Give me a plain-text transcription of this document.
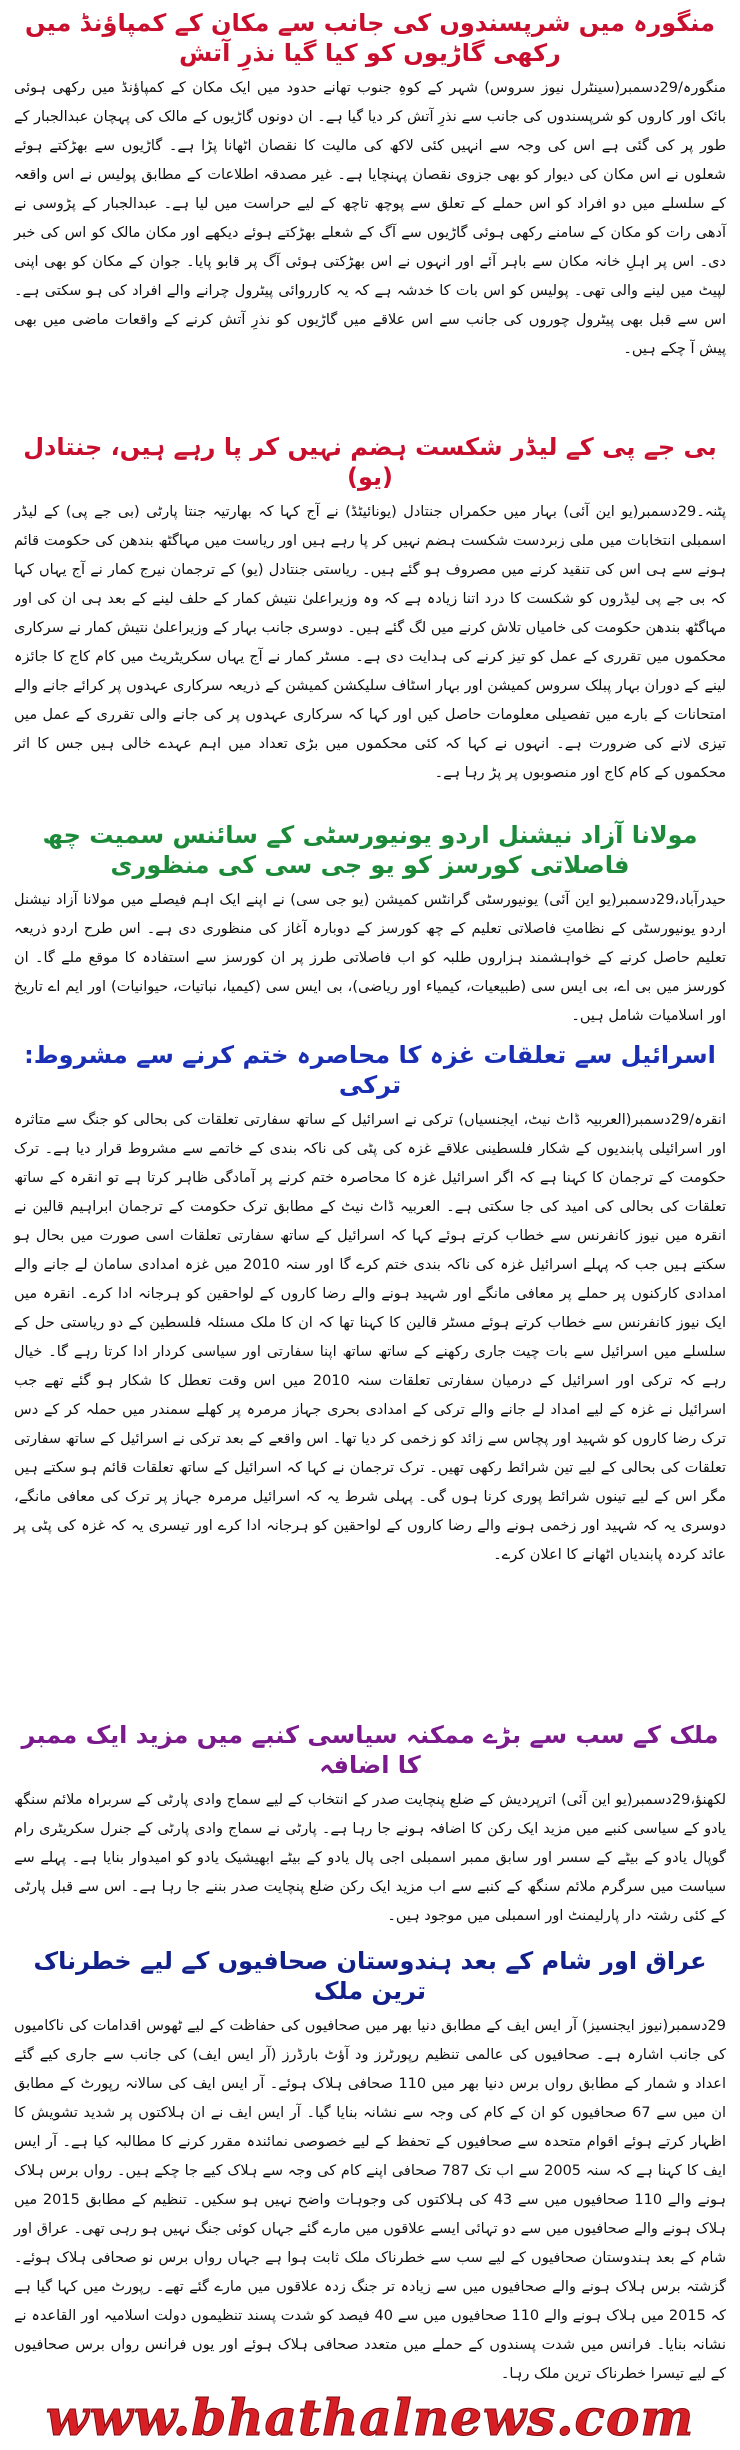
منگورہ میں شرپسندوں کی جانب سے مکان کے کمپاؤنڈ میں رکھی گاڑیوں کو کیا گیا نذرِ آتش
منگورہ/29دسمبر(سینٹرل نیوز سروس) شہر کے کوہِ جنوب تھانے حدود میں ایک مکان کے کمپاؤنڈ میں رکھی ہوئی بائک اور کاروں کو شرپسندوں کی جانب سے نذرِ آتش کر دیا گیا ہے۔ ان دونوں گاڑیوں کے مالک کی پہچان عبدالجبار کے طور پر کی گئی ہے اس کی وجہ سے انہیں کئی لاکھ کی مالیت کا نقصان اٹھانا پڑا ہے۔ گاڑیوں سے بھڑکتے ہوئے شعلوں نے اس مکان کی دیوار کو بھی جزوی نقصان پہنچایا ہے۔ غیر مصدقہ اطلاعات کے مطابق پولیس نے اس واقعہ کے سلسلے میں دو افراد کو اس حملے کے تعلق سے پوچھ تاچھ کے لیے حراست میں لیا ہے۔ عبدالجبار کے پڑوسی نے آدھی رات کو مکان کے سامنے رکھی ہوئی گاڑیوں سے آگ کے شعلے بھڑکتے ہوئے دیکھے اور مکان مالک کو اس کی خبر دی۔ اس پر اہلِ خانہ مکان سے باہر آئے اور انہوں نے اس بھڑکتی ہوئی آگ پر قابو پایا۔ جوان کے مکان کو بھی اپنی لپیٹ میں لینے والی تھی۔ پولیس کو اس بات کا خدشہ ہے کہ یہ کارروائی پیٹرول چرانے والے افراد کی ہو سکتی ہے۔ اس سے قبل بھی پیٹرول چوروں کی جانب سے اس علاقے میں گاڑیوں کو نذرِ آتش کرنے کے واقعات ماضی میں بھی پیش آ چکے ہیں۔
بی جے پی کے لیڈر شکست ہضم نہیں کر پا رہے ہیں، جنتادل (یو)
پٹنہ۔29دسمبر(یو این آئی) بہار میں حکمراں جنتادل (یونائیٹڈ) نے آج کہا کہ بھارتیہ جنتا پارٹی (بی جے پی) کے لیڈر اسمبلی انتخابات میں ملی زبردست شکست ہضم نہیں کر پا رہے ہیں اور ریاست میں مہاگٹھ بندھن کی حکومت قائم ہونے سے ہی اس کی تنقید کرنے میں مصروف ہو گئے ہیں۔ ریاستی جنتادل (یو) کے ترجمان نیرج کمار نے آج یہاں کہا کہ بی جے پی لیڈروں کو شکست کا درد اتنا زیادہ ہے کہ وہ وزیراعلیٰ نتیش کمار کے حلف لینے کے بعد ہی ان کی اور مہاگٹھ بندھن حکومت کی خامیاں تلاش کرنے میں لگ گئے ہیں۔ دوسری جانب بہار کے وزیراعلیٰ نتیش کمار نے سرکاری محکموں میں تقرری کے عمل کو تیز کرنے کی ہدایت دی ہے۔ مسٹر کمار نے آج یہاں سکریٹریٹ میں کام کاج کا جائزہ لینے کے دوران بہار پبلک سروس کمیشن اور بہار اسٹاف سلیکشن کمیشن کے ذریعہ سرکاری عہدوں پر کرائے جانے والے امتحانات کے بارے میں تفصیلی معلومات حاصل کیں اور کہا کہ سرکاری عہدوں پر کی جانے والی تقرری کے عمل میں تیزی لانے کی ضرورت ہے۔ انہوں نے کہا کہ کئی محکموں میں بڑی تعداد میں اہم عہدے خالی ہیں جس کا اثر محکموں کے کام کاج اور منصوبوں پر پڑ رہا ہے۔
مولانا آزاد نیشنل اردو یونیورسٹی کے سائنس سمیت چھ فاصلاتی کورسز کو یو جی سی کی منظوری
حیدرآباد،29دسمبر(یو این آئی) یونیورسٹی گرانٹس کمیشن (یو جی سی) نے اپنے ایک اہم فیصلے میں مولانا آزاد نیشنل اردو یونیورسٹی کے نظامتِ فاصلاتی تعلیم کے چھ کورسز کے دوبارہ آغاز کی منظوری دی ہے۔ اس طرح اردو ذریعہ تعلیم حاصل کرنے کے خواہشمند ہزاروں طلبہ کو اب فاصلاتی طرز پر ان کورسز سے استفادہ کا موقع ملے گا۔ ان کورسز میں بی اے، بی ایس سی (طبیعیات، کیمیاء اور ریاضی)، بی ایس سی (کیمیا، نباتیات، حیوانیات) اور ایم اے تاریخ اور اسلامیات شامل ہیں۔
اسرائیل سے تعلقات غزہ کا محاصرہ ختم کرنے سے مشروط: ترکی
انقرہ/29دسمبر(العربیہ ڈاٹ نیٹ، ایجنسیاں) ترکی نے اسرائیل کے ساتھ سفارتی تعلقات کی بحالی کو جنگ سے متاثرہ اور اسرائیلی پابندیوں کے شکار فلسطینی علاقے غزہ کی پٹی کی ناکہ بندی کے خاتمے سے مشروط قرار دیا ہے۔ ترک حکومت کے ترجمان کا کہنا ہے کہ اگر اسرائیل غزہ کا محاصرہ ختم کرنے پر آمادگی ظاہر کرتا ہے تو انقرہ کے ساتھ تعلقات کی بحالی کی امید کی جا سکتی ہے۔ العربیہ ڈاٹ نیٹ کے مطابق ترک حکومت کے ترجمان ابراہیم قالین نے انقرہ میں نیوز کانفرنس سے خطاب کرتے ہوئے کہا کہ اسرائیل کے ساتھ سفارتی تعلقات اسی صورت میں بحال ہو سکتے ہیں جب کہ پہلے اسرائیل غزہ کی ناکہ بندی ختم کرے گا اور سنہ 2010 میں غزہ امدادی سامان لے جانے والے امدادی کارکنوں پر حملے پر معافی مانگے اور شہید ہونے والے رضا کاروں کے لواحقین کو ہرجانہ ادا کرے۔ انقرہ میں ایک نیوز کانفرنس سے خطاب کرتے ہوئے مسٹر قالین کا کہنا تھا کہ ان کا ملک مسئلہ فلسطین کے دو ریاستی حل کے سلسلے میں اسرائیل سے بات چیت جاری رکھنے کے ساتھ ساتھ اپنا سفارتی اور سیاسی کردار ادا کرتا رہے گا۔ خیال رہے کہ ترکی اور اسرائیل کے درمیان سفارتی تعلقات سنہ 2010 میں اس وقت تعطل کا شکار ہو گئے تھے جب اسرائیل نے غزہ کے لیے امداد لے جانے والے ترکی کے امدادی بحری جہاز مرمرہ پر کھلے سمندر میں حملہ کر کے دس ترک رضا کاروں کو شہید اور پچاس سے زائد کو زخمی کر دیا تھا۔ اس واقعے کے بعد ترکی نے اسرائیل کے ساتھ سفارتی تعلقات کی بحالی کے لیے تین شرائط رکھی تھیں۔ ترک ترجمان نے کہا کہ اسرائیل کے ساتھ تعلقات قائم ہو سکتے ہیں مگر اس کے لیے تینوں شرائط پوری کرنا ہوں گی۔ پہلی شرط یہ کہ اسرائیل مرمرہ جہاز پر ترک کی معافی مانگے، دوسری یہ کہ شہید اور زخمی ہونے والے رضا کاروں کے لواحقین کو ہرجانہ ادا کرے اور تیسری یہ کہ غزہ کی پٹی پر عائد کردہ پابندیاں اٹھانے کا اعلان کرے۔
ملک کے سب سے بڑے ممکنہ سیاسی کنبے میں مزید ایک ممبر کا اضافہ
لکھنؤ،29دسمبر(یو این آئی) اترپردیش کے ضلع پنچایت صدر کے انتخاب کے لیے سماج وادی پارٹی کے سربراہ ملائم سنگھ یادو کے سیاسی کنبے میں مزید ایک رکن کا اضافہ ہونے جا رہا ہے۔ پارٹی نے سماج وادی پارٹی کے جنرل سکریٹری رام گوپال یادو کے بیٹے کے سسر اور سابق ممبر اسمبلی اجی پال یادو کے بیٹے ابھیشیک یادو کو امیدوار بنایا ہے۔ پہلے سے سیاست میں سرگرم ملائم سنگھ کے کنبے سے اب مزید ایک رکن ضلع پنچایت صدر بننے جا رہا ہے۔ اس سے قبل پارٹی کے کئی رشتہ دار پارلیمنٹ اور اسمبلی میں موجود ہیں۔
عراق اور شام کے بعد ہندوستان صحافیوں کے لیے خطرناک ترین ملک
29دسمبر(نیوز ایجنسیز) آر ایس ایف کے مطابق دنیا بھر میں صحافیوں کی حفاظت کے لیے ٹھوس اقدامات کی ناکامیوں کی جانب اشارہ ہے۔ صحافیوں کی عالمی تنظیم رپورٹرز ود آؤٹ بارڈرز (آر ایس ایف) کی جانب سے جاری کیے گئے اعداد و شمار کے مطابق رواں برس دنیا بھر میں 110 صحافی ہلاک ہوئے۔ آر ایس ایف کی سالانہ رپورٹ کے مطابق ان میں سے 67 صحافیوں کو ان کے کام کی وجہ سے نشانہ بنایا گیا۔ آر ایس ایف نے ان ہلاکتوں پر شدید تشویش کا اظہار کرتے ہوئے اقوام متحدہ سے صحافیوں کے تحفظ کے لیے خصوصی نمائندہ مقرر کرنے کا مطالبہ کیا ہے۔ آر ایس ایف کا کہنا ہے کہ سنہ 2005 سے اب تک 787 صحافی اپنے کام کی وجہ سے ہلاک کیے جا چکے ہیں۔ رواں برس ہلاک ہونے والے 110 صحافیوں میں سے 43 کی ہلاکتوں کی وجوہات واضح نہیں ہو سکیں۔ تنظیم کے مطابق 2015 میں ہلاک ہونے والے صحافیوں میں سے دو تہائی ایسے علاقوں میں مارے گئے جہاں کوئی جنگ نہیں ہو رہی تھی۔ عراق اور شام کے بعد ہندوستان صحافیوں کے لیے سب سے خطرناک ملک ثابت ہوا ہے جہاں رواں برس نو صحافی ہلاک ہوئے۔ گزشتہ برس ہلاک ہونے والے صحافیوں میں سے زیادہ تر جنگ زدہ علاقوں میں مارے گئے تھے۔ رپورٹ میں کہا گیا ہے کہ 2015 میں ہلاک ہونے والے 110 صحافیوں میں سے 40 فیصد کو شدت پسند تنظیموں دولت اسلامیہ اور القاعدہ نے نشانہ بنایا۔ فرانس میں شدت پسندوں کے حملے میں متعدد صحافی ہلاک ہوئے اور یوں فرانس رواں برس صحافیوں کے لیے تیسرا خطرناک ترین ملک رہا۔
www.bhathalnews.com
